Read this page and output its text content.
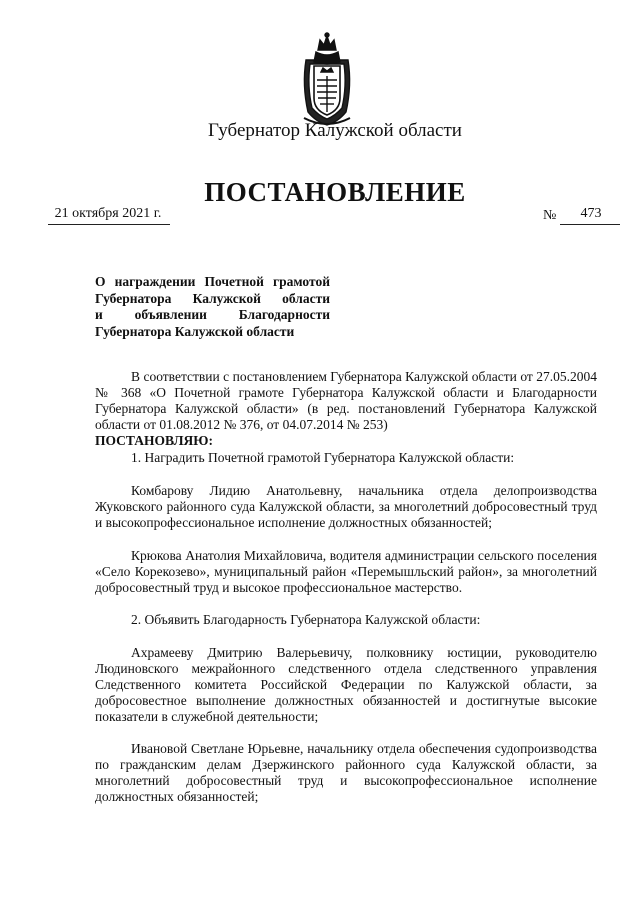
Губернатор Калужской области
ПОСТАНОВЛЕНИЕ
21 октября 2021 г.	№	473
О награждении Почетной грамотой
Губернатора Калужской области
и объявлении Благодарности
Губернатора Калужской области
В соответствии с постановлением Губернатора Калужской области от 27.05.2004 № 368 «О Почетной грамоте Губернатора Калужской области и Благодарности Губернатора Калужской области» (в ред. постановлений Губернатора Калужской области от 01.08.2012 № 376, от 04.07.2014 № 253)
ПОСТАНОВЛЯЮ:
1. Наградить Почетной грамотой Губернатора Калужской области:
Комбарову Лидию Анатольевну, начальника отдела делопроизводства Жуковского районного суда Калужской области, за многолетний добросовестный труд и высокопрофессиональное исполнение должностных обязанностей;
Крюкова Анатолия Михайловича, водителя администрации сельского поселения «Село Корекозево», муниципальный район «Перемышльский район», за многолетний добросовестный труд и высокое профессиональное мастерство.
2. Объявить Благодарность Губернатора Калужской области:
Ахрамееву Дмитрию Валерьевичу, полковнику юстиции, руководителю Людиновского межрайонного следственного отдела следственного управления Следственного комитета Российской Федерации по Калужской области, за добросовестное выполнение должностных обязанностей и достигнутые высокие показатели в служебной деятельности;
Ивановой Светлане Юрьевне, начальнику отдела обеспечения судопроизводства по гражданским делам Дзержинского районного суда Калужской области, за многолетний добросовестный труд и высокопрофессиональное исполнение должностных обязанностей;
